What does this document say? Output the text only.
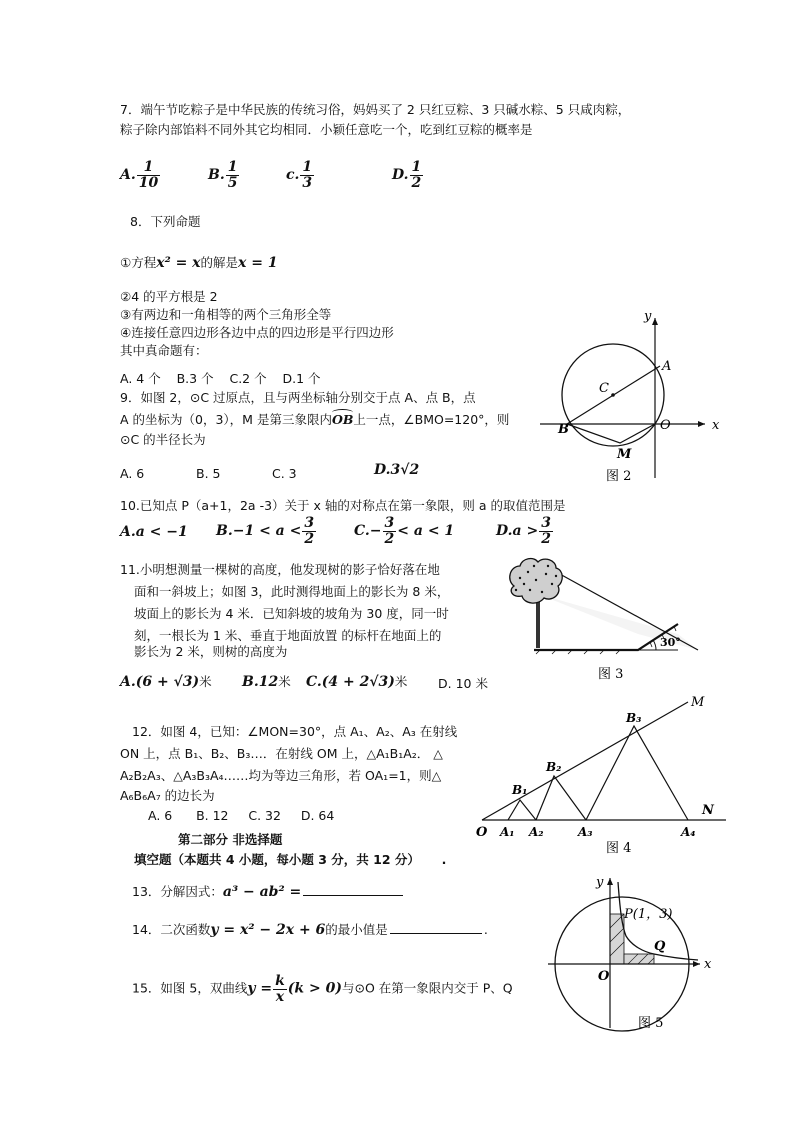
7．端午节吃粽子是中华民族的传统习俗，妈妈买了 2 只红豆粽、3 只碱水粽、5 只咸肉粽，
粽子除内部馅料不同外其它均相同．小颖任意吃一个，吃到红豆粽的概率是
A. $\frac{1}{10}$	B. $\frac{1}{5}$	c. $\frac{1}{3}$	D. $\frac{1}{2}$
8．下列命题
①方程x² = x的解是x = 1
②4 的平方根是 2
③有两边和一角相等的两个三角形全等
④连接任意四边形各边中点的四边形是平行四边形
其中真命题有：
A. 4 个    B.3 个    C.2 个    D.1 个
9．如图 2，⊙C 过原点，且与两坐标轴分别交于点 A、点 B，点
A 的坐标为（0，3），M 是第三象限内
OB上一点，∠BMO=120°，则
⊙C 的半径长为
A. 6	B. 5	C. 3	D.3√2
y
x
A
B
C
M
O
图 2
10.已知点 P（a+1，2a -3）关于 x 轴的对称点在第一象限，则 a 的取值范围是
A.a < −1 $B.-1 < a < \frac{3}{2}$	$C.- \frac{3}{2} < a < 1$	$D.a > \frac{3}{2}$
11.小明想测量一棵树的高度，他发现树的影子恰好落在地
面和一斜坡上；如图 3，此时测得地面上的影长为 8 米，
坡面上的影长为 4 米．已知斜坡的坡角为 30 度，同一时
刻，一根长为 1 米、垂直于地面放置 的标杆在地面上的
影长为 2 米，则树的高度为
A.(6 + √3)米 B.12米 C.(4 + 2√3)米 D. 10 米
30°
图 3
12．如图 4，已知：∠MON=30°，点 A₁、A₂、A₃ 在射线
ON 上，点 B₁、B₂、B₃…．在射线 OM 上，△A₁B₁A₂． △
A₂B₂A₃、△A₃B₃A₄……均为等边三角形，若 OA₁=1，则△
A₆B₆A₇ 的边长为
A. 6      B. 12     C. 32     D. 64
M
N
O A₁ A₂	A₃	A₄
B₁
B₂
B₃
图 4
第二部分 非选择题
填空题（本题共 4 小题，每小题 3 分，共 12 分）     .
13．分解因式：a³ − ab² =
14．二次函数y = x² − 2x + 6的最小值是	.
15．如图 5，双曲线$y = \frac{k}{x} (k > 0)$与⊙O 在第一象限内交于 P、Q
y
x
O
P(1，3)
Q
图 5
